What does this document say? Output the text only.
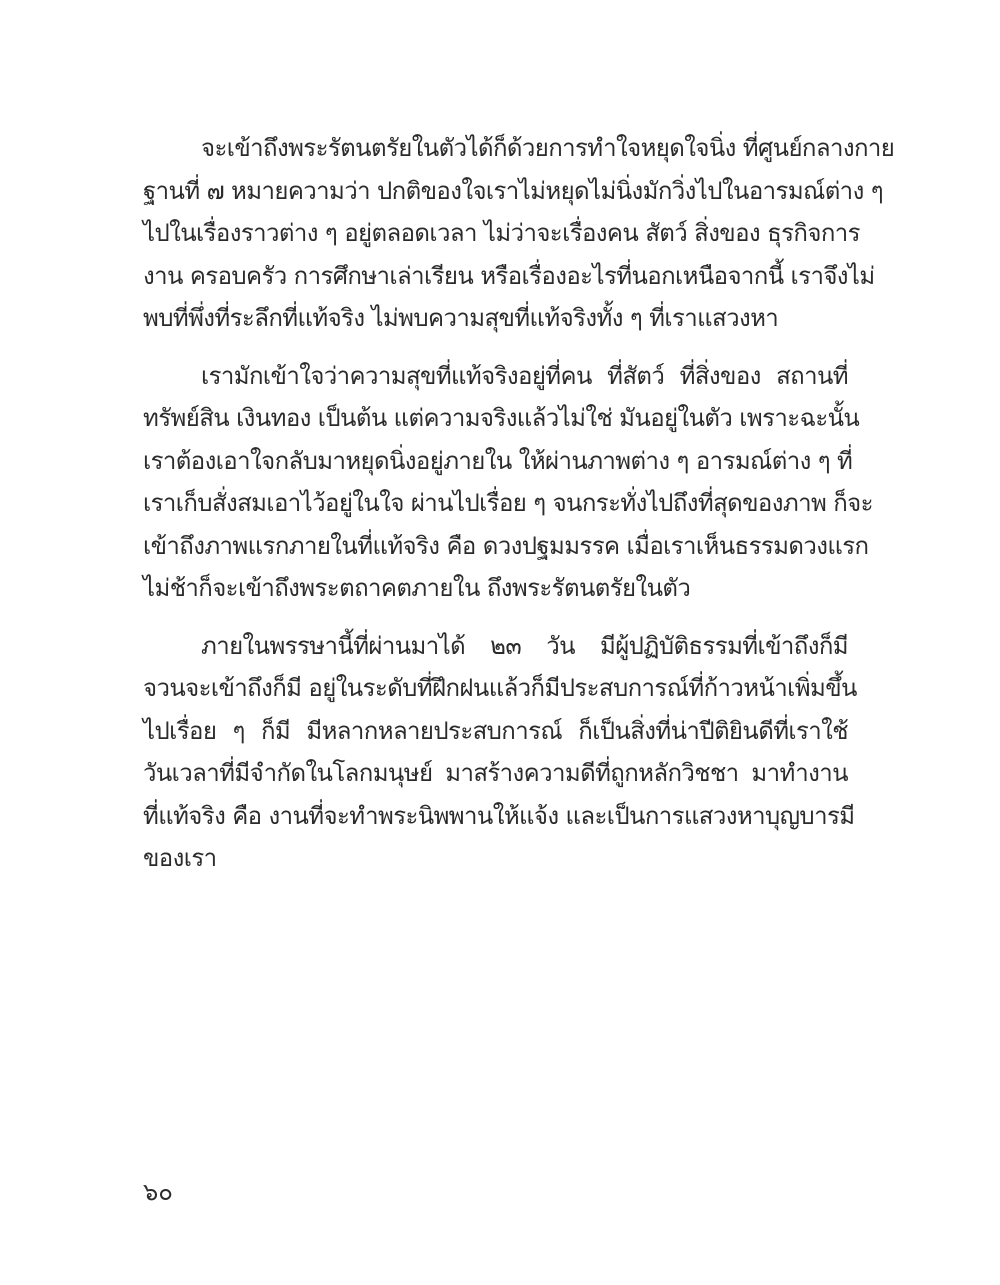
จะเข้าถึงพระรัตนตรัยในตัวได้ก็ด้วยการทำใจหยุดใจนิ่ง ที่ศูนย์กลางกาย
ฐานที่ ๗ หมายความว่า ปกติของใจเราไม่หยุดไม่นิ่งมักวิ่งไปในอารมณ์ต่าง ๆ
ไปในเรื่องราวต่าง ๆ อยู่ตลอดเวลา ไม่ว่าจะเรื่องคน สัตว์ สิ่งของ ธุรกิจการ
งาน ครอบครัว การศึกษาเล่าเรียน หรือเรื่องอะไรที่นอกเหนือจากนี้ เราจึงไม่
พบที่พึ่งที่ระลึกที่แท้จริง ไม่พบความสุขที่แท้จริงทั้ง ๆ ที่เราแสวงหา
เรามักเข้าใจว่าความสุขที่แท้จริงอยู่ที่คน ที่สัตว์ ที่สิ่งของ สถานที่
ทรัพย์สิน เงินทอง เป็นต้น แต่ความจริงแล้วไม่ใช่ มันอยู่ในตัว เพราะฉะนั้น
เราต้องเอาใจกลับมาหยุดนิ่งอยู่ภายใน ให้ผ่านภาพต่าง ๆ อารมณ์ต่าง ๆ ที่
เราเก็บสั่งสมเอาไว้อยู่ในใจ ผ่านไปเรื่อย ๆ จนกระทั่งไปถึงที่สุดของภาพ ก็จะ
เข้าถึงภาพแรกภายในที่แท้จริง คือ ดวงปฐมมรรค เมื่อเราเห็นธรรมดวงแรก
ไม่ช้าก็จะเข้าถึงพระตถาคตภายใน ถึงพระรัตนตรัยในตัว
ภายในพรรษานี้ที่ผ่านมาได้ ๒๓ วัน มีผู้ปฏิบัติธรรมที่เข้าถึงก็มี
จวนจะเข้าถึงก็มี อยู่ในระดับที่ฝึกฝนแล้วก็มีประสบการณ์ที่ก้าวหน้าเพิ่มขึ้น
ไปเรื่อย ๆ ก็มี มีหลากหลายประสบการณ์ ก็เป็นสิ่งที่น่าปีติยินดีที่เราใช้
วันเวลาที่มีจำกัดในโลกมนุษย์ มาสร้างความดีที่ถูกหลักวิชชา มาทำงาน
ที่แท้จริง คือ งานที่จะทำพระนิพพานให้แจ้ง และเป็นการแสวงหาบุญบารมี
ของเรา
๖๐
